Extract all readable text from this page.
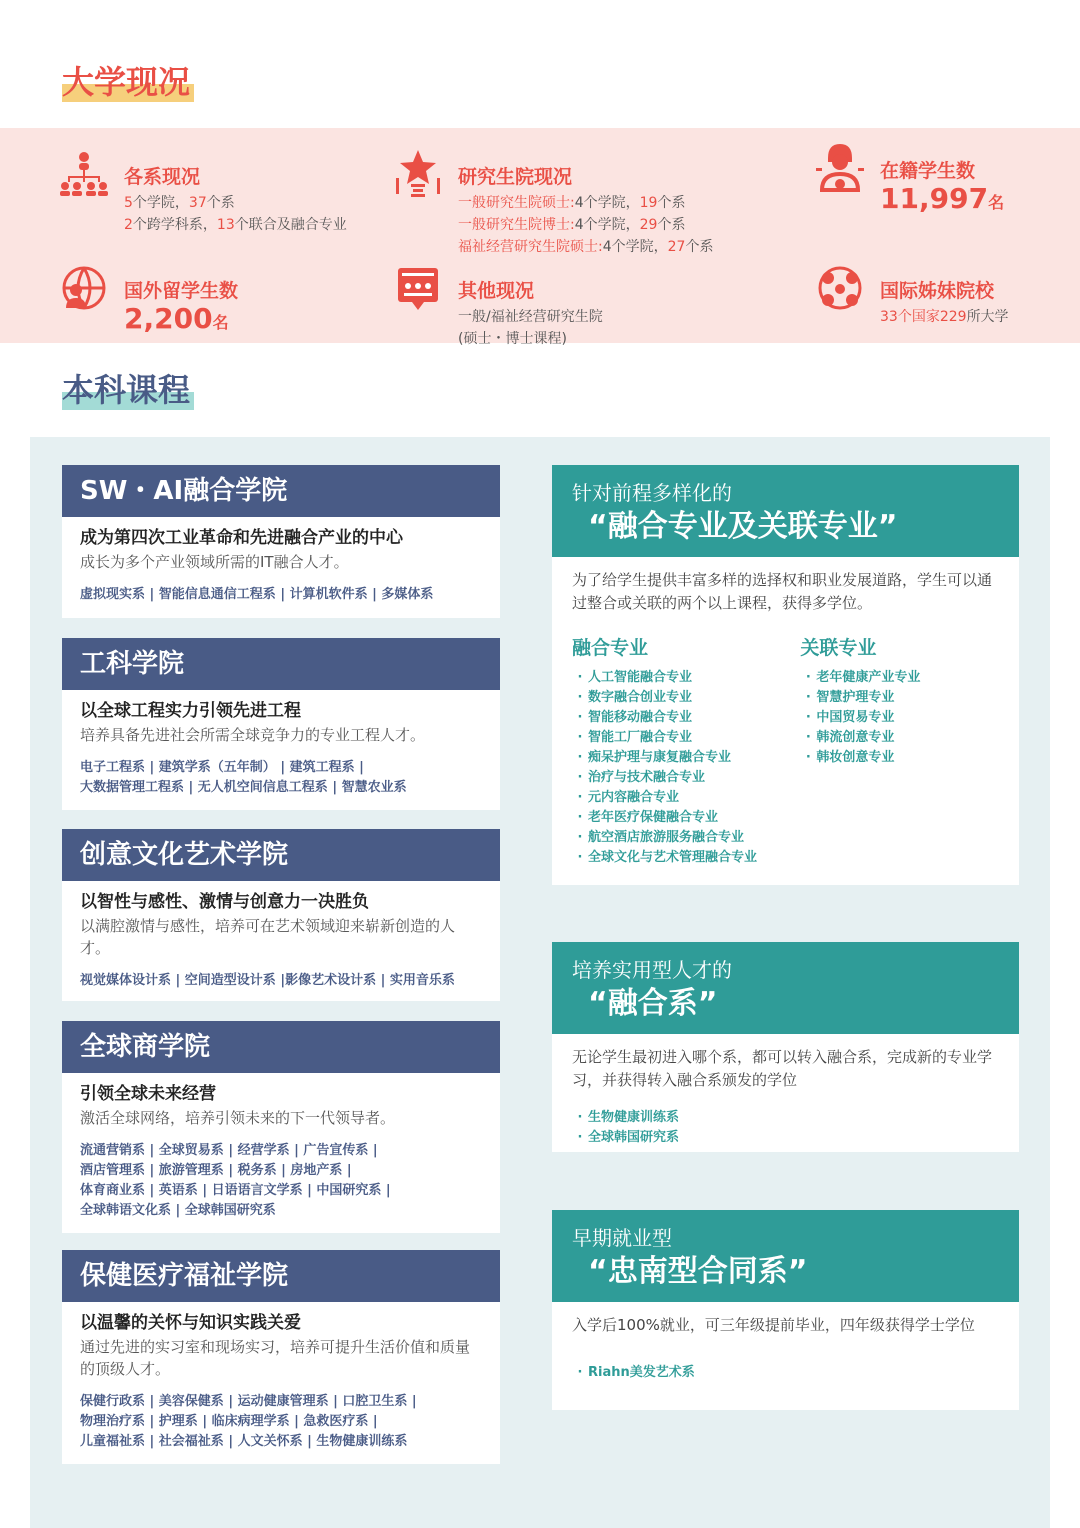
大学现况
各系现况
5个学院，37个系
2个跨学科系，13个联合及融合专业
研究生院现况
一般研究生院硕士:4个学院，19个系
一般研究生院博士:4个学院，29个系
福祉经营研究生院硕士:4个学院，27个系
在籍学生数
11,997名
国外留学生数
2,200名
其他现况
一般/福祉经营研究生院
(硕士・博士课程)
国际姊妹院校
33个国家229所大学
本科课程
SW・AI融合学院
成为第四次工业革命和先进融合产业的中心
成长为多个产业领域所需的IT融合人才。
虚拟现实系 | 智能信息通信工程系 | 计算机软件系 | 多媒体系
工科学院
以全球工程实力引领先进工程
培养具备先进社会所需全球竞争力的专业工程人才。
电子工程系 | 建筑学系（五年制） | 建筑工程系 |
大数据管理工程系 | 无人机空间信息工程系 | 智慧农业系
创意文化艺术学院
以智性与感性、激情与创意力一决胜负
以满腔激情与感性，培养可在艺术领域迎来崭新创造的人才。
视觉媒体设计系 | 空间造型设计系 |影像艺术设计系 | 实用音乐系
全球商学院
引领全球未来经营
激活全球网络，培养引领未来的下一代领导者。
流通营销系 | 全球贸易系 | 经营学系 | 广告宣传系 |
酒店管理系 | 旅游管理系 | 税务系 | 房地产系 |
体育商业系 | 英语系 | 日语语言文学系 | 中国研究系 |
全球韩语文化系 | 全球韩国研究系
保健医疗福祉学院
以温馨的关怀与知识实践关爱
通过先进的实习室和现场实习，培养可提升生活价值和质量的顶级人才。
保健行政系 | 美容保健系 | 运动健康管理系 | 口腔卫生系 |
物理治疗系 | 护理系 | 临床病理学系 | 急救医疗系 |
儿童福祉系 | 社会福祉系 | 人文关怀系 | 生物健康训练系
针对前程多样化的
“融合专业及关联专业”
为了给学生提供丰富多样的选择权和职业发展道路，学生可以通过整合或关联的两个以上课程，获得多学位。
融合专业
· 人工智能融合专业
· 数字融合创业专业
· 智能移动融合专业
· 智能工厂融合专业
· 痴呆护理与康复融合专业
· 治疗与技术融合专业
· 元内容融合专业
· 老年医疗保健融合专业
· 航空酒店旅游服务融合专业
· 全球文化与艺术管理融合专业
关联专业
· 老年健康产业专业
· 智慧护理专业
· 中国贸易专业
· 韩流创意专业
· 韩妆创意专业
培养实用型人才的
“融合系”
无论学生最初进入哪个系，都可以转入融合系，完成新的专业学习，并获得转入融合系颁发的学位
· 生物健康训练系
· 全球韩国研究系
早期就业型
“忠南型合同系”
入学后100%就业，可三年级提前毕业，四年级获得学士学位
· Riahn美发艺术系
